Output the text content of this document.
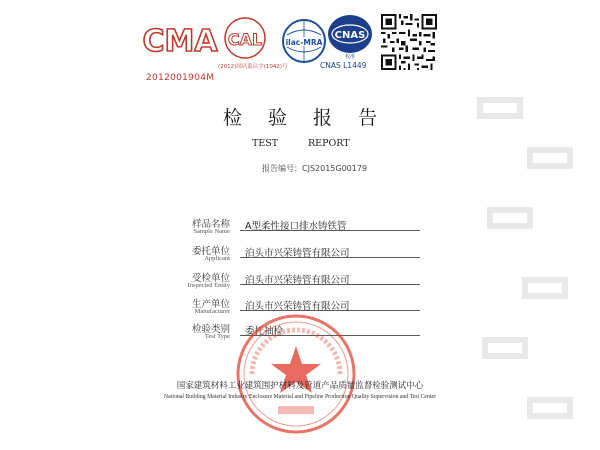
CMA
2012001904M
CAL
(2012)国认监认字(1042)号
ilac-MRA
CNAS
校准
CNAS L1449
检验报告
TEST	REPORT
报告编号：CJS2015G00179
样品名称
Sample Name A型柔性接口排水铸铁管
委托单位
Applicant 泊头市兴荣铸管有限公司
受检单位
Inspected Entity 泊头市兴荣铸管有限公司
生产单位
Manufacturer 泊头市兴荣铸管有限公司
检验类别
Test Type 委托抽检
国家建筑材料工业建筑围护材料及管道产品质量监督检验测试中心
National Building Material Industry Enclosure Material and Pipeline Production Quality Supervision and Test Center
